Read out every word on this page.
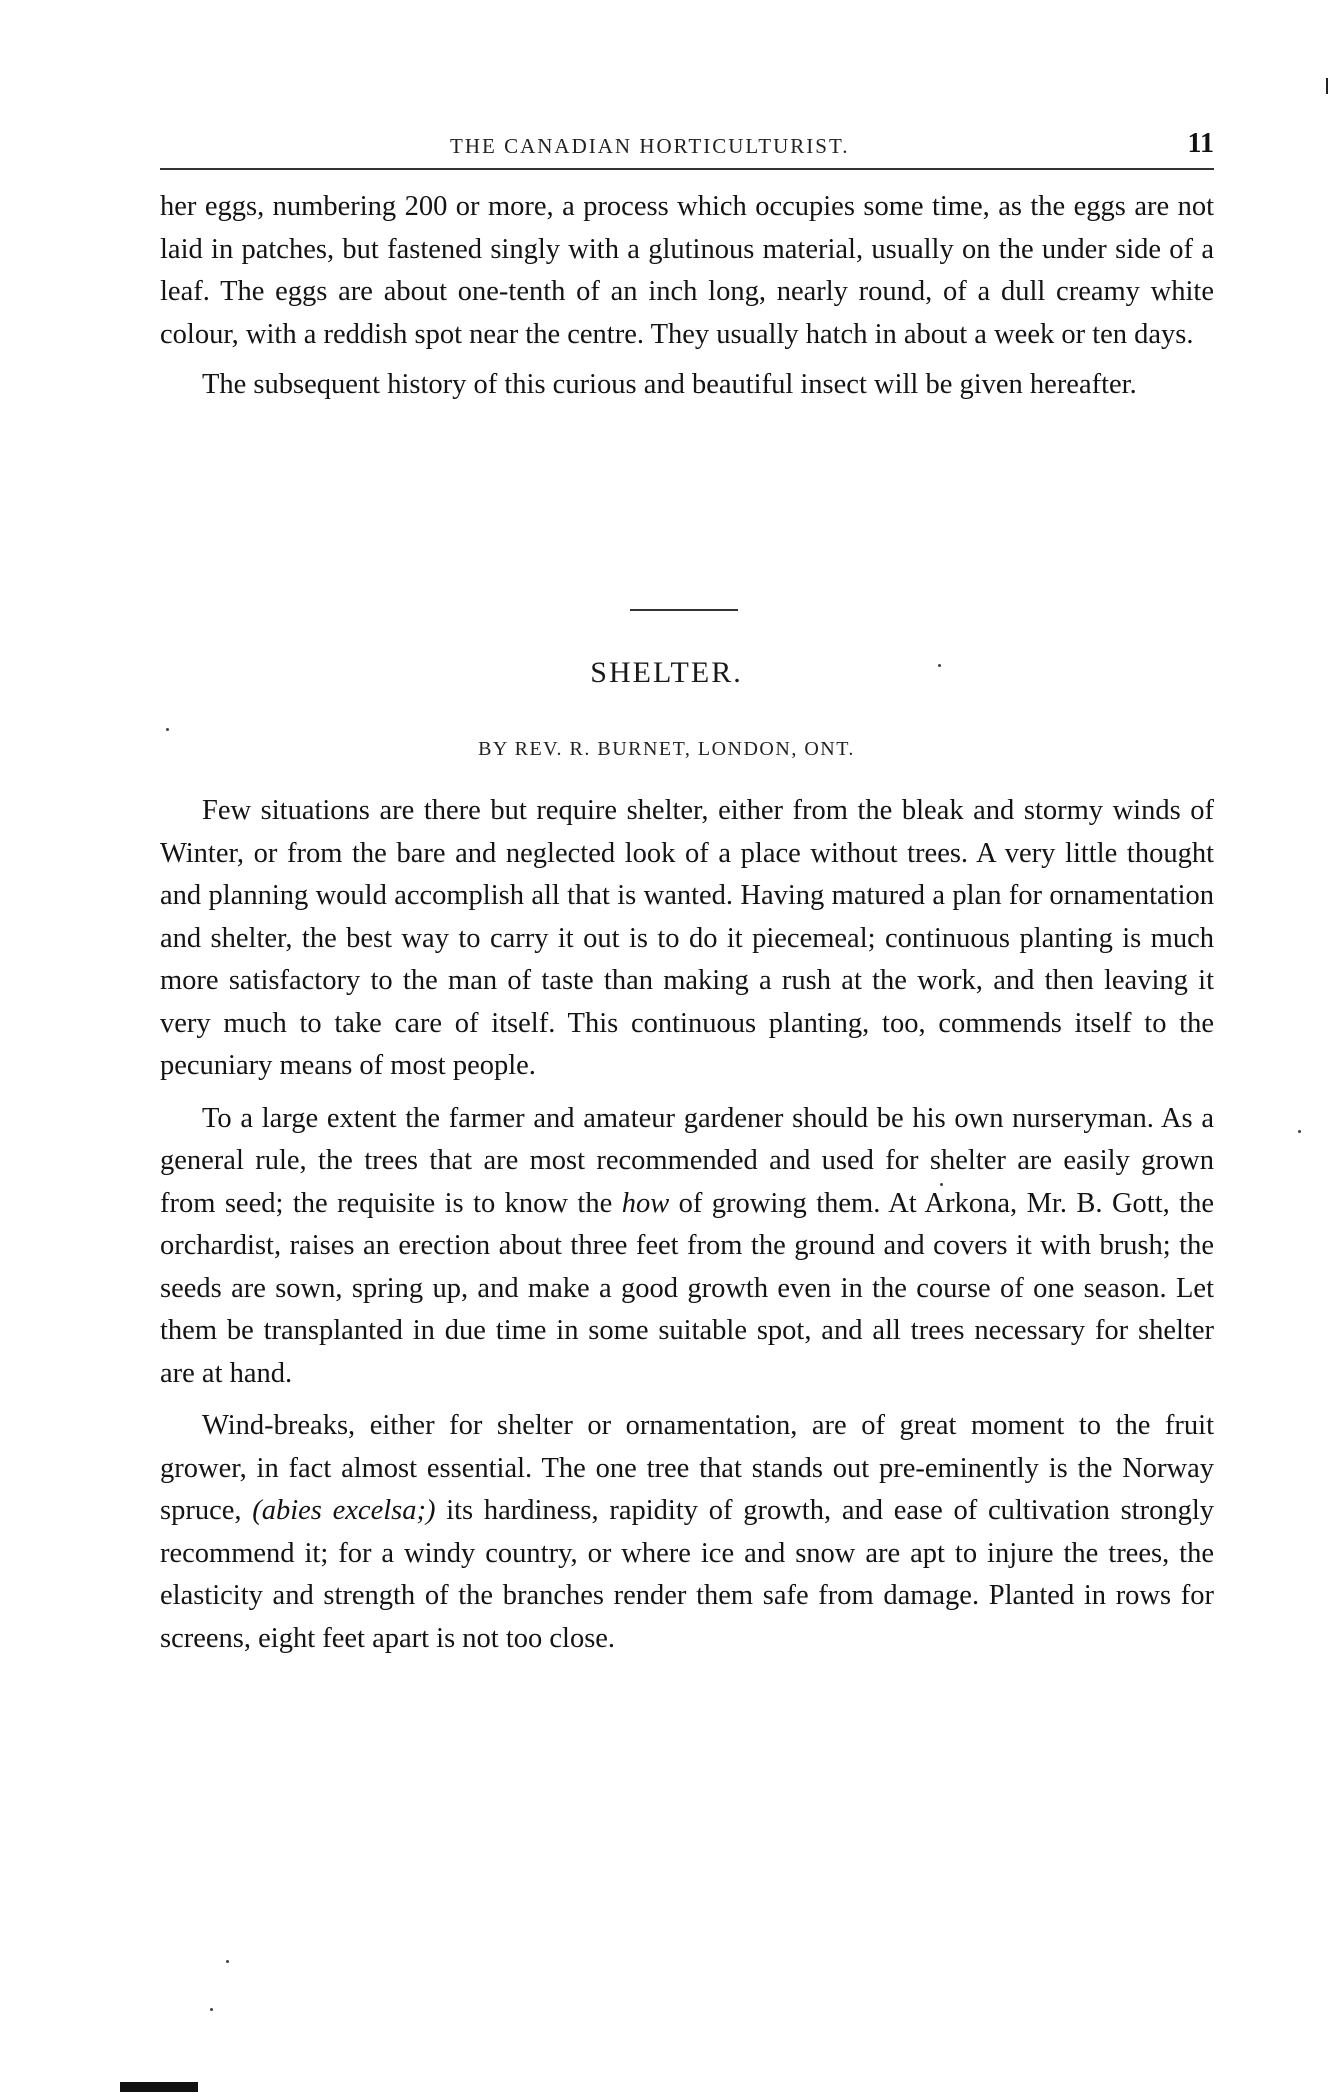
THE CANADIAN HORTICULTURIST.	11

her eggs, numbering 200 or more, a process which occupies some time, as the eggs are not laid in patches, but fastened singly with a glutinous material, usually on the under side of a leaf. The eggs are about one-tenth of an inch long, nearly round, of a dull creamy white colour, with a reddish spot near the centre. They usually hatch in about a week or ten days.

The subsequent history of this curious and beautiful insect will be given hereafter.

SHELTER.
BY REV. R. BURNET, LONDON, ONT.

Few situations are there but require shelter, either from the bleak and stormy winds of Winter, or from the bare and neglected look of a place without trees. A very little thought and planning would accomplish all that is wanted. Having matured a plan for ornamentation and shelter, the best way to carry it out is to do it piecemeal; continuous planting is much more satisfactory to the man of taste than making a rush at the work, and then leaving it very much to take care of itself. This continuous planting, too, commends itself to the pecuniary means of most people.

To a large extent the farmer and amateur gardener should be his own nurseryman. As a general rule, the trees that are most recommended and used for shelter are easily grown from seed; the requisite is to know the how of growing them. At Arkona, Mr. B. Gott, the orchardist, raises an erection about three feet from the ground and covers it with brush; the seeds are sown, spring up, and make a good growth even in the course of one season. Let them be transplanted in due time in some suitable spot, and all trees necessary for shelter are at hand.

Wind-breaks, either for shelter or ornamentation, are of great moment to the fruit grower, in fact almost essential. The one tree that stands out pre-eminently is the Norway spruce, (abies excelsa;) its hardiness, rapidity of growth, and ease of cultivation strongly recommend it; for a windy country, or where ice and snow are apt to injure the trees, the elasticity and strength of the branches render them safe from damage. Planted in rows for screens, eight feet apart is not too close.
